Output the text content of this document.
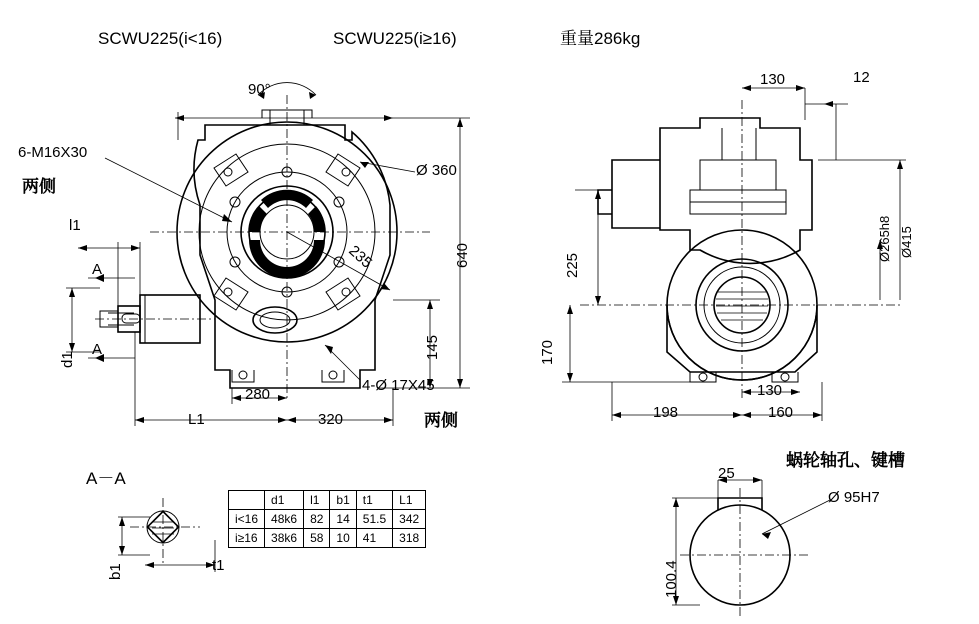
SCWU225(i<16)	SCWU225(i≥16)	重量286kg
90°
6-M16X30
两侧
Ø 360
640
145
235
l1
d1
A
A
280
320
L1
4-Ø 17X45
两侧
130	12
Ø265h8 Ø415
225
170
130
198	160
蜗轮轴孔、键槽
A－A
b1	t1
25
100.4
Ø 95H7
	d1	l1	b1	t1	L1
i<16	48k6	82	14	51.5	342
i≥16	38k6	58	10	41	318
